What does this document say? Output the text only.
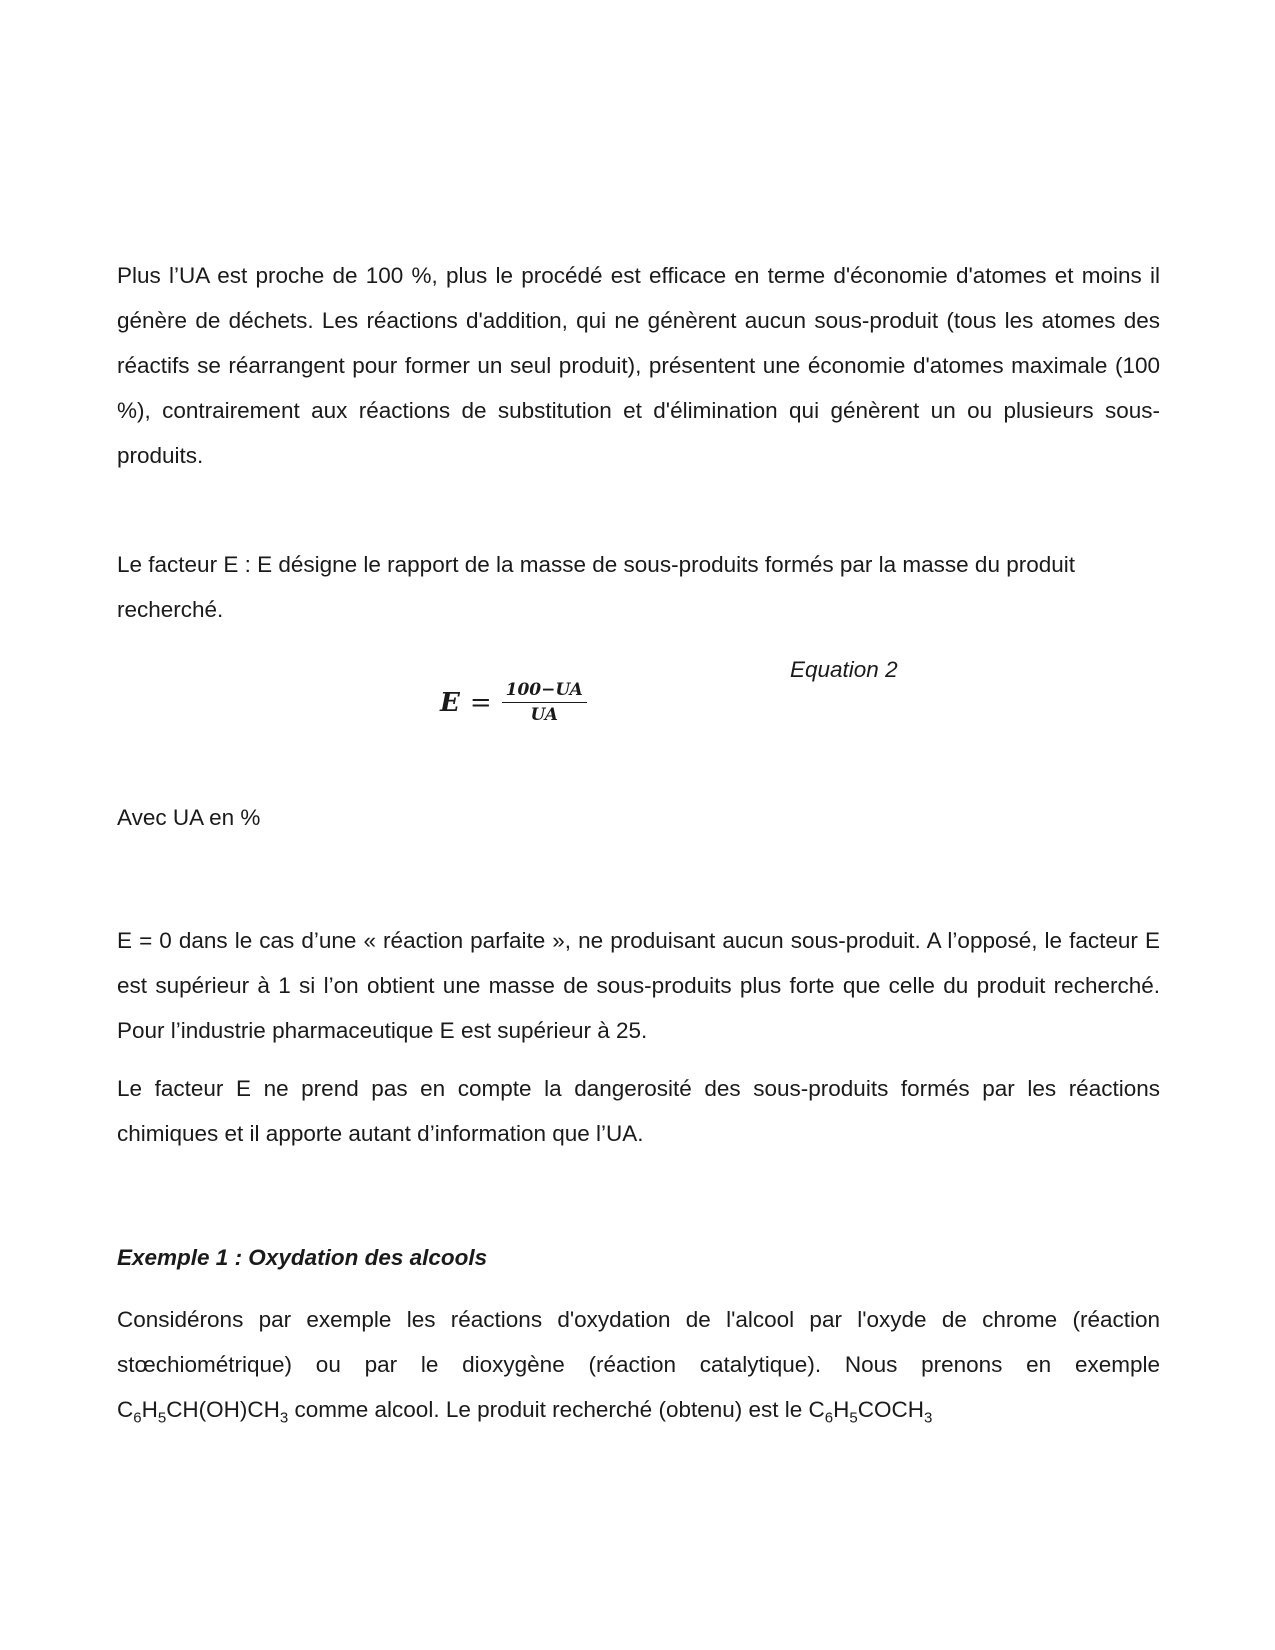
Plus l’UA est proche de 100 %, plus le procédé est efficace en terme d'économie d'atomes et moins il génère de déchets. Les réactions d'addition, qui ne génèrent aucun sous-produit (tous les atomes des réactifs se réarrangent pour former un seul produit), présentent une économie d'atomes maximale (100 %), contrairement aux réactions de substitution et d'élimination qui génèrent un ou plusieurs sous-produits.

Le facteur E : E désigne le rapport de la masse de sous-produits formés par la masse du produit recherché.

$E = \frac{100-UA}{UA}$
Equation 2

Avec UA en %

E = 0 dans le cas d’une « réaction parfaite », ne produisant aucun sous-produit. A l’opposé, le facteur E est supérieur à 1 si l’on obtient une masse de sous-produits plus forte que celle du produit recherché. Pour l’industrie pharmaceutique E est supérieur à 25.

Le facteur E ne prend pas en compte la dangerosité des sous-produits formés par les réactions chimiques et il apporte autant d’information que l’UA.

Exemple 1 : Oxydation des alcools

Considérons par exemple les réactions d'oxydation de l'alcool par l'oxyde de chrome (réaction stœchiométrique) ou par le dioxygène (réaction catalytique). Nous prenons en exemple $C_6H_5CH(OH)CH_3$ comme alcool. Le produit recherché (obtenu) est le $C_6H_5COCH_3$
